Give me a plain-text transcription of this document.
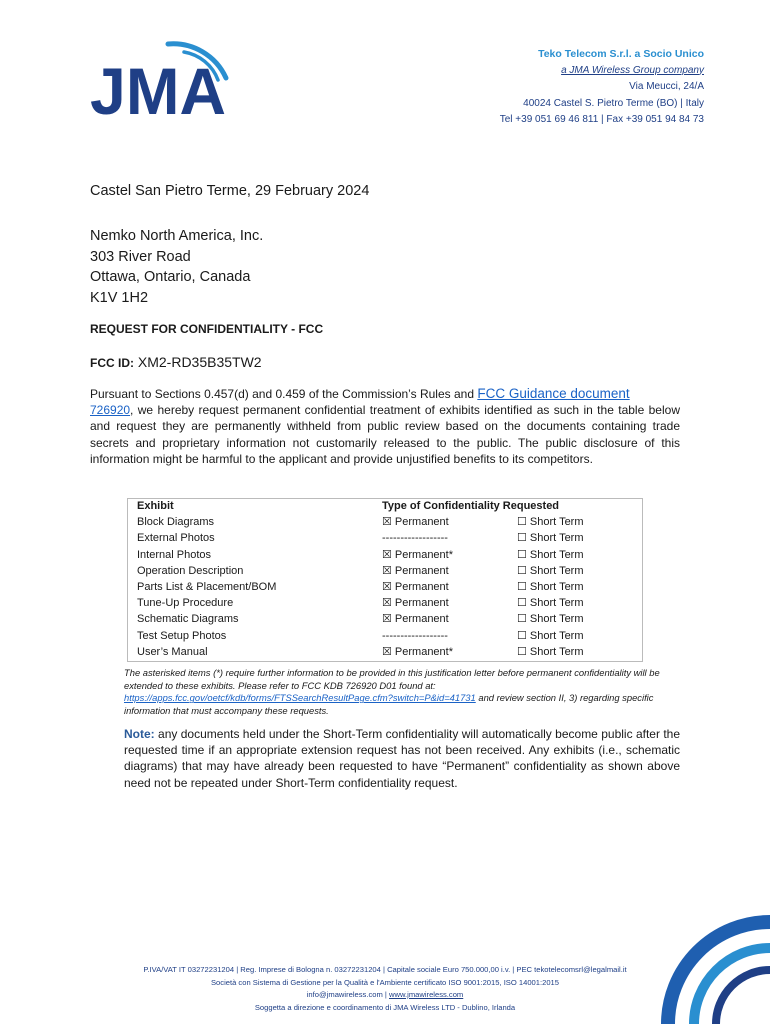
JMA	Teko Telecom S.r.l. a Socio Unico
a JMA Wireless Group company
Via Meucci, 24/A
40024 Castel S. Pietro Terme (BO) | Italy
Tel +39 051 69 46 811 | Fax +39 051 94 84 73
Castel San Pietro Terme, 29 February 2024
Nemko North America, Inc.
303 River Road
Ottawa, Ontario, Canada
K1V 1H2
REQUEST FOR CONFIDENTIALITY - FCC
FCC ID: XM2-RD35B35TW2
Pursuant to Sections 0.457(d) and 0.459 of the Commission’s Rules and FCC Guidance document
726920, we hereby request permanent confidential treatment of exhibits identified as such in the table below and request they are permanently withheld from public review based on the documents containing trade secrets and proprietary information not customarily released to the public. The public disclosure of this information might be harmful to the applicant and provide unjustified benefits to its competitors.
Exhibit	Type of Confidentiality Requested	
Block Diagrams	☒ Permanent	☐ Short Term
External Photos	------------------	☐ Short Term
Internal Photos	☒ Permanent*	☐ Short Term
Operation Description	☒ Permanent	☐ Short Term
Parts List & Placement/BOM	☒ Permanent	☐ Short Term
Tune-Up Procedure	☒ Permanent	☐ Short Term
Schematic Diagrams	☒ Permanent	☐ Short Term
Test Setup Photos	------------------	☐ Short Term
User’s Manual	☒ Permanent*	☐ Short Term
The asterisked items (*) require further information to be provided in this justification letter before permanent confidentiality will be extended to these exhibits. Please refer to FCC KDB 726920 D01 found at: https://apps.fcc.gov/oetcf/kdb/forms/FTSSearchResultPage.cfm?switch=P&id=41731 and review section II, 3) regarding specific information that must accompany these requests.
Note: any documents held under the Short-Term confidentiality will automatically become public after the requested time if an appropriate extension request has not been received. Any exhibits (i.e., schematic diagrams) that may have already been requested to have “Permanent” confidentiality as shown above need not be repeated under Short-Term confidentiality request.
P.IVA/VAT IT 03272231204 | Reg. Imprese di Bologna n. 03272231204 | Capitale sociale Euro 750.000,00 i.v. | PEC tekotelecomsrl@legalmail.it
Società con Sistema di Gestione per la Qualità e l'Ambiente certificato ISO 9001:2015, ISO 14001:2015
info@jmawireless.com | www.jmawireless.com
Soggetta a direzione e coordinamento di JMA Wireless LTD - Dublino, Irlanda
